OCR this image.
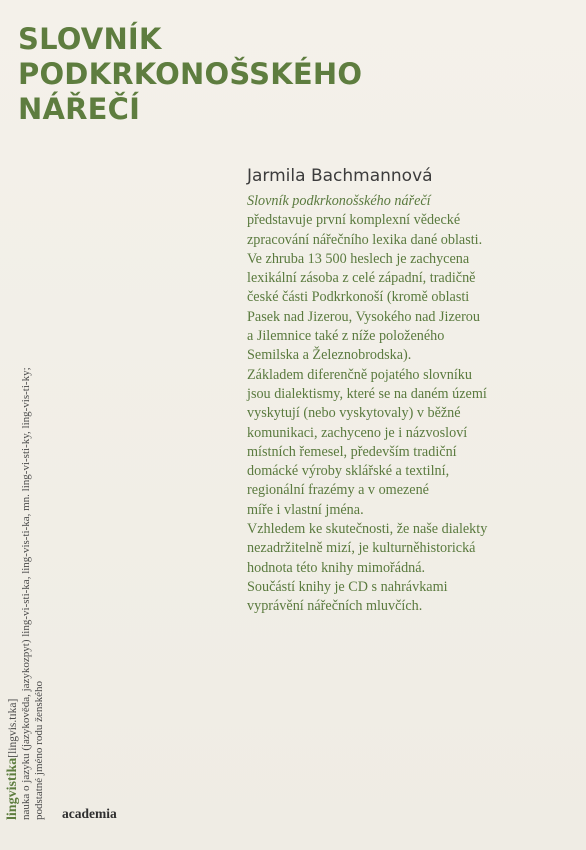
SLOVNÍK
PODKRKONOŠSKÉHO
NÁŘEČÍ
Jarmila Bachmannová
Slovník podkrkonošského nářečí
představuje první komplexní vědecké
zpracování nářečního lexika dané oblasti.
Ve zhruba 13 500 heslech je zachycena
lexikální zásoba z celé západní, tradičně
české části Podkrkonoší (kromě oblasti
Pasek nad Jizerou, Vysokého nad Jizerou
a Jilemnice také z níže položeného
Semilska a Železnobrodska).
Základem diferenčně pojatého slovníku
jsou dialektismy, které se na daném území
vyskytují (nebo vyskytovaly) v běžné
komunikaci, zachyceno je i názvosloví
místních řemesel, především tradiční
domácké výroby sklářské a textilní,
regionální frazémy a v omezené
míře i vlastní jména.
Vzhledem ke skutečnosti, že naše dialekty
nezadržitelně mizí, je kulturněhistorická
hodnota této knihy mimořádná.
Součástí knihy je CD s nahrávkami
vyprávění nářečních mluvčích.
lingvistika[lingvis.tɪka] nauka o jazyku (jazykověda, jazykozpyt) ling-vi-sti-ka, ling-vis-ti-ka, mn. ling-vi-sti-ky, ling-vis-ti-ky; podstatné jméno rodu ženského academia
